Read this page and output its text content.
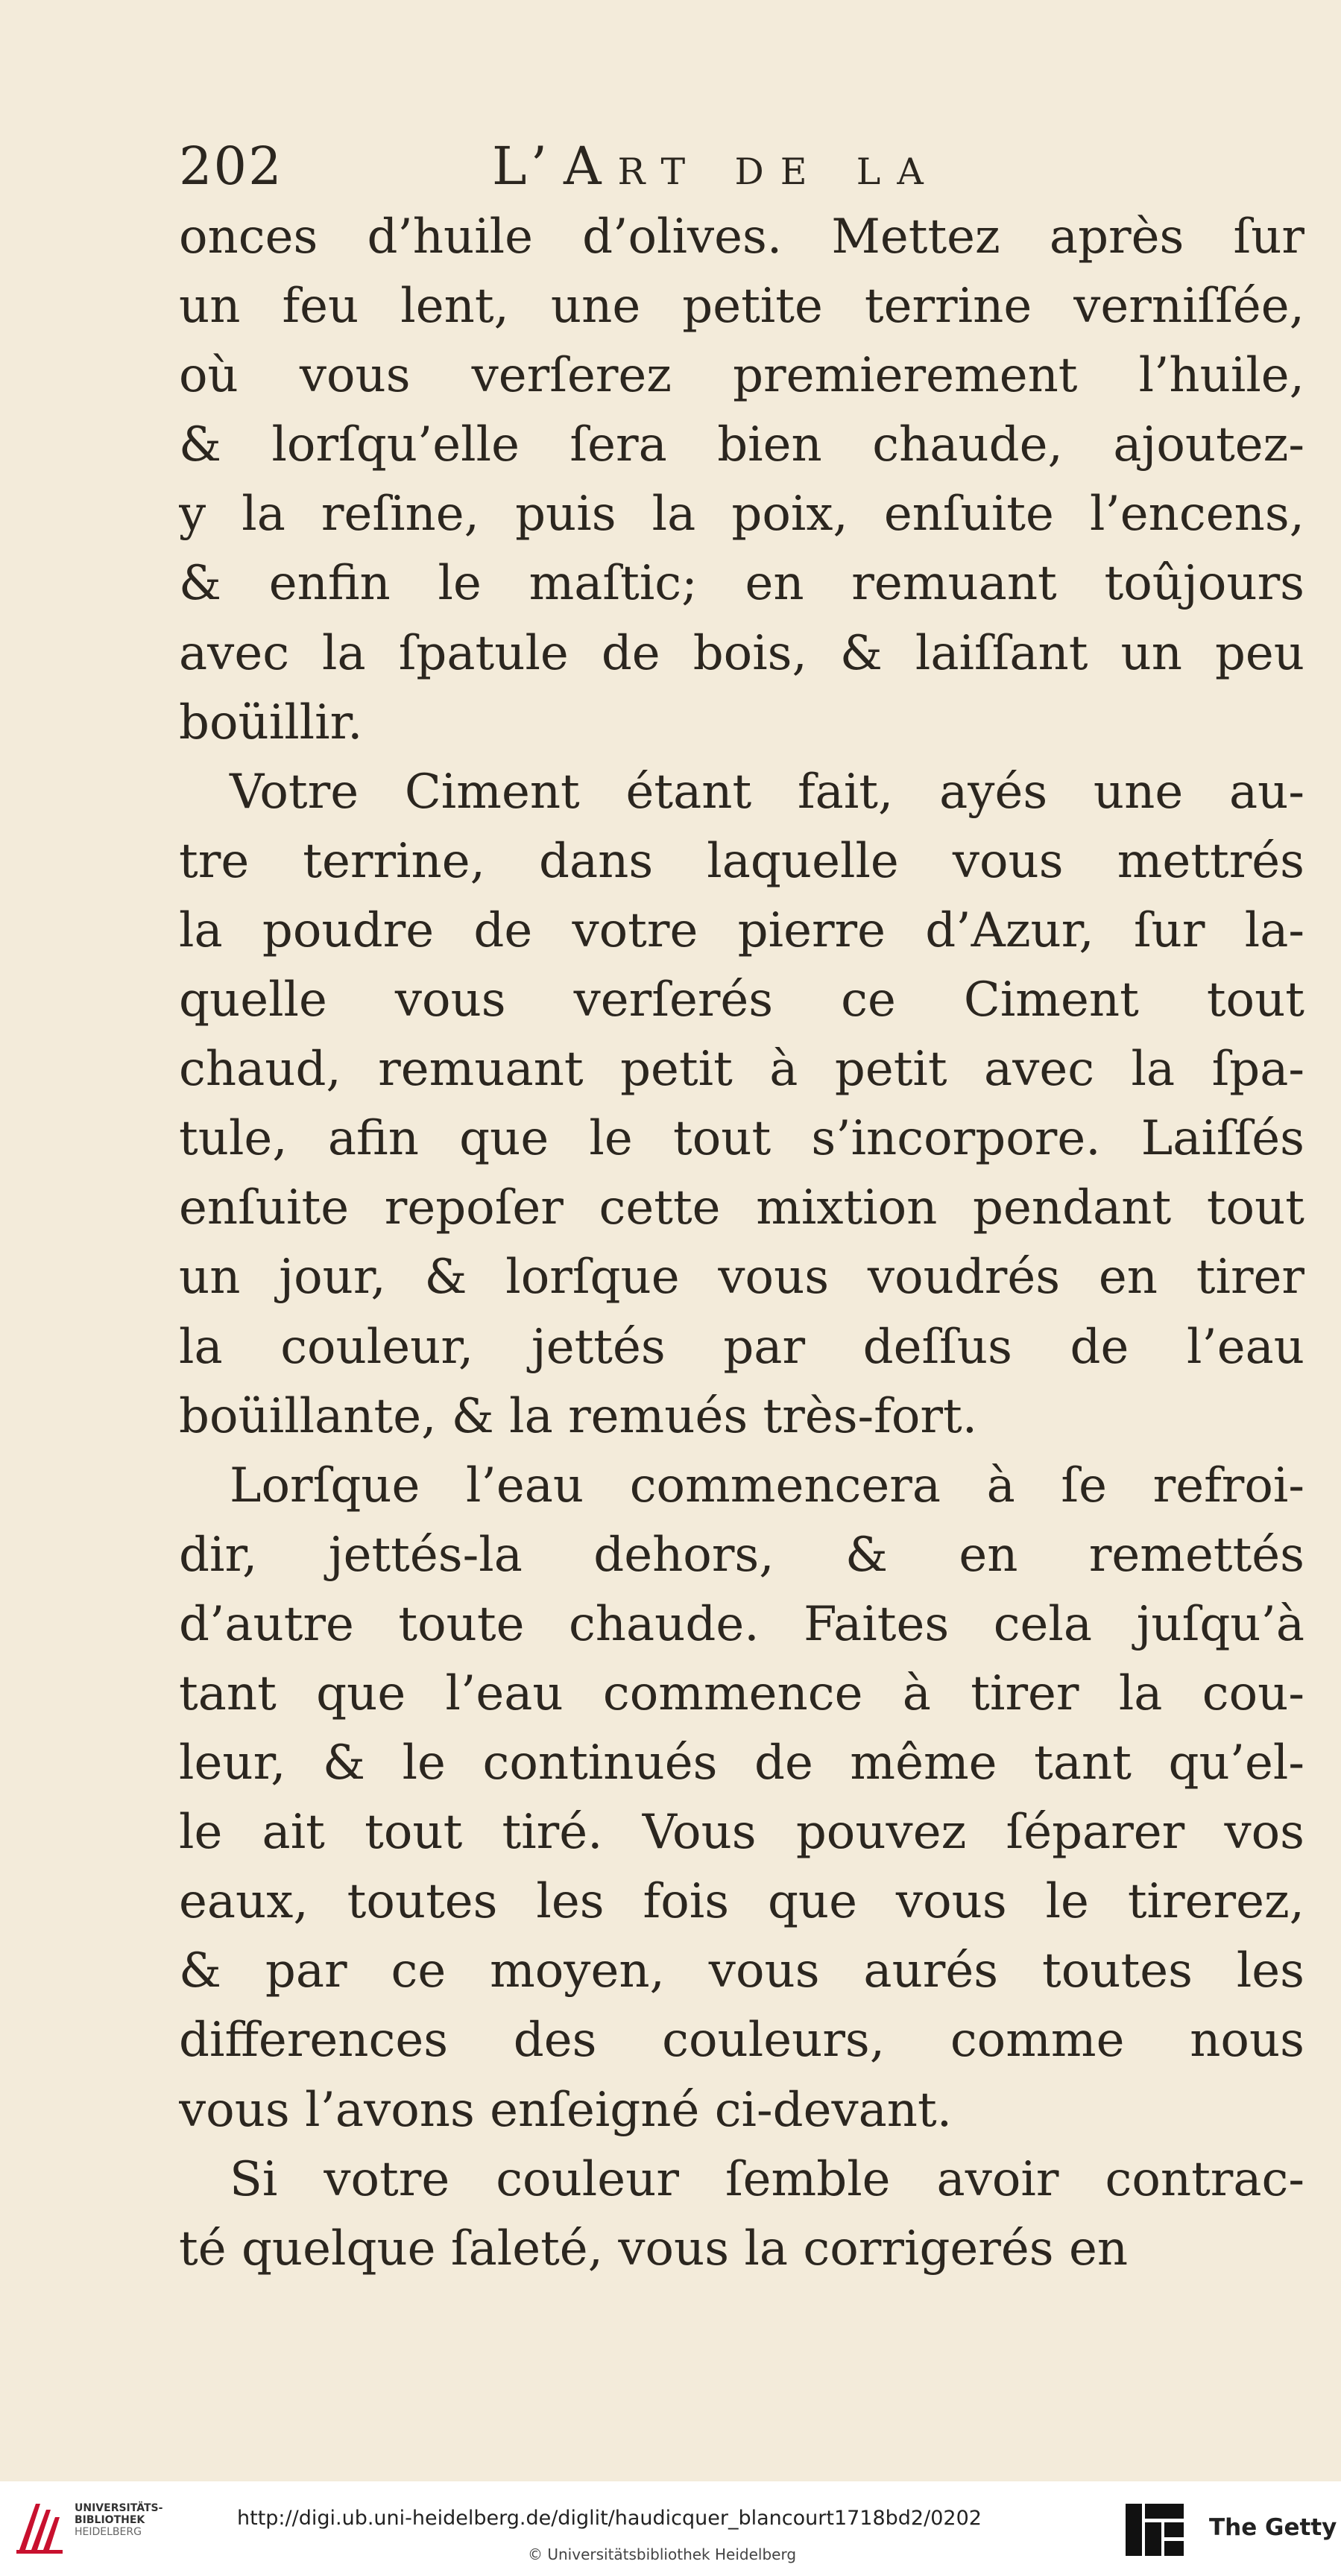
202	L’Art de la
onces d’huile d’olives. Mettez après ſur
un feu lent, une petite terrine verniſſée,
où vous verſerez premierement l’huile,
& lorſqu’elle ſera bien chaude, ajoutez-
y la reſine, puis la poix, enſuite l’encens,
& enfin le maſtic; en remuant toûjours
avec la ſpatule de bois, & laiſſant un peu
boüillir.
Votre Ciment étant fait, ayés une au-
tre terrine, dans laquelle vous mettrés
la poudre de votre pierre d’Azur, ſur la-
quelle vous verſerés ce Ciment tout
chaud, remuant petit à petit avec la ſpa-
tule, afin que le tout s’incorpore. Laiſſés
enſuite repoſer cette mixtion pendant tout
un jour, & lorſque vous voudrés en tirer
la couleur, jettés par deſſus de l’eau
boüillante, & la remués très-fort.
Lorſque l’eau commencera à ſe refroi-
dir, jettés-la dehors, & en remettés
d’autre toute chaude. Faites cela juſqu’à
tant que l’eau commence à tirer la cou-
leur, & le continués de même tant qu’el-
le ait tout tiré. Vous pouvez ſéparer vos
eaux, toutes les fois que vous le tirerez,
& par ce moyen, vous aurés toutes les
differences des couleurs, comme nous
vous l’avons enſeigné ci-devant.
Si votre couleur ſemble avoir contrac-
té quelque ſaleté, vous la corrigerés en
UNIVERSITÄTS-
BIBLIOTHEK
HEIDELBERG
http://digi.ub.uni-heidelberg.de/diglit/haudicquer_blancourt1718bd2/0202
© Universitätsbibliothek Heidelberg
The Getty
